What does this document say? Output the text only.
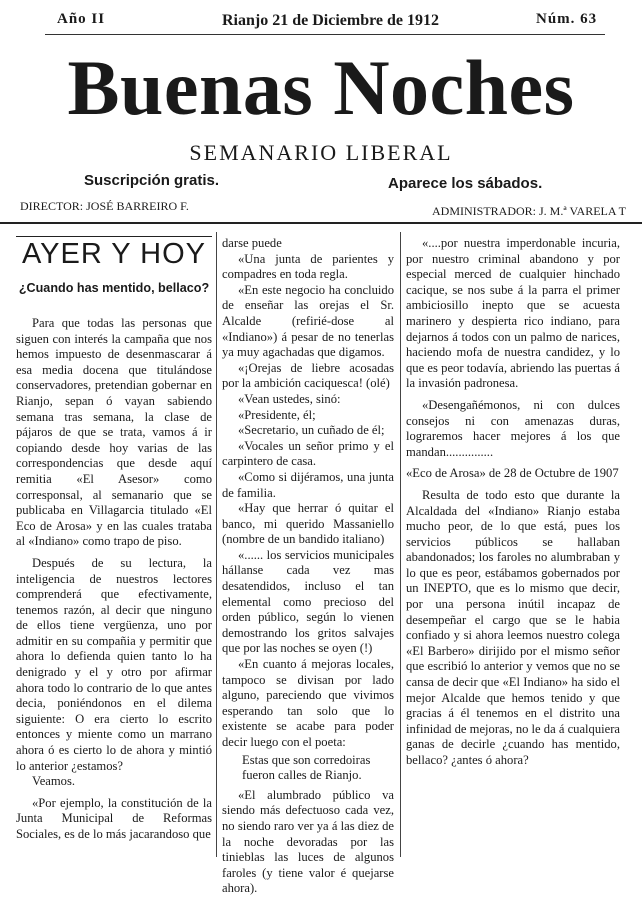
Año II	Rianjo 21 de Diciembre de 1912	Núm. 63
Buenas Noches
SEMANARIO LIBERAL
Suscripción gratis.	Aparece los sábados.
DIRECTOR: JOSÉ BARREIRO F.	ADMINISTRADOR: J. M.ª VARELA T
AYER Y HOY
¿Cuando has mentido, bellaco?

Para que todas las personas que siguen con interés la campaña que nos hemos impuesto de desenmascarar á esa media docena que titulándose conservadores, pretendian gobernar en Rianjo, sepan ó vayan sabiendo semana tras semana, la clase de pájaros de que se trata, vamos á ir copiando desde hoy varias de las correspondencias que desde aquí remitia «El Asesor» como corresponsal, al semanario que se publicaba en Villagarcia titulado «El Eco de Arosa» y en las cuales trataba al «Indiano» como trapo de piso.

Después de su lectura, la inteligencia de nuestros lectores comprenderá que efectivamente, tenemos razón, al decir que ninguno de ellos tiene vergüenza, uno por admitir en su compañia y permitir que ahora lo defienda quien tanto lo ha denigrado y el y otro por afirmar ahora todo lo contrario de lo que antes decia, poniéndonos en el dilema siguiente: O era cierto lo escrito entonces y miente como un marrano ahora ó es cierto lo de ahora y mintió lo anterior ¿estamos?

Veamos.

«Por ejemplo, la constitución de la Junta Municipal de Reformas Sociales, es de lo más jacarandoso que

darse puede

«Una junta de parientes y compadres en toda regla.

«En este negocio ha concluido de enseñar las orejas el Sr. Alcalde (refirié-dose al «Indiano») á pesar de no tenerlas ya muy agachadas que digamos.

«¡Orejas de liebre acosadas por la ambición caciquesca! (olé)

«Vean ustedes, sinó:

«Presidente, él;

«Secretario, un cuñado de él;

«Vocales un señor primo y el carpintero de casa.

«Como si dijéramos, una junta de familia.

«Hay que herrar ó quitar el banco, mi querido Massaniello (nombre de un bandido italiano)

«...... los servicios municipales hállanse cada vez mas desatendidos, incluso el tan elemental como precioso del orden público, según lo vienen demostrando los gritos salvajes que por las noches se oyen (!)

«En cuanto á mejoras locales, tampoco se divisan por lado alguno, pareciendo que vivimos esperando tan solo que lo existente se acabe para poder decir luego con el poeta:

Estas que son corredoiras
fueron calles de Rianjo.

«El alumbrado público va siendo más defectuoso cada vez, no siendo raro ver ya á las diez de la noche devoradas por las tinieblas las luces de algunos faroles (y tiene valor é quejarse ahora).

«....por nuestra imperdonable incuria, por nuestro criminal abandono y por especial merced de cualquier hinchado cacique, se nos sube á la parra el primer ambiciosillo inepto que se acuesta marinero y despierta rico indiano, para dejarnos á todos con un palmo de narices, haciendo mofa de nuestra candidez, y lo que es peor todavía, abriendo las puertas á la invasión padronesa.

«Desengañémonos, ni con dulces consejos ni con amenazas duras, lograremos hacer mejores á los que mandan...............

«Eco de Arosa» de 28 de Octubre de 1907

Resulta de todo esto que durante la Alcaldada del «Indiano» Rianjo estaba mucho peor, de lo que está, pues los servicios públicos se hallaban abandonados; los faroles no alumbraban y lo que es peor, estábamos gobernados por un INEPTO, que es lo mismo que decir, por una persona inútil incapaz de desempeñar el cargo que se le habia confiado y si ahora leemos nuestro colega «El Barbero» dirijido por el mismo señor que escribió lo anterior y vemos que no se cansa de decir que «El Indiano» ha sido el mejor Alcalde que hemos tenido y que gracias á él tenemos en el distrito una infinidad de mejoras, no le da á cualquiera ganas de decirle ¿cuando has mentido, bellaco? ¿antes ó ahora?
